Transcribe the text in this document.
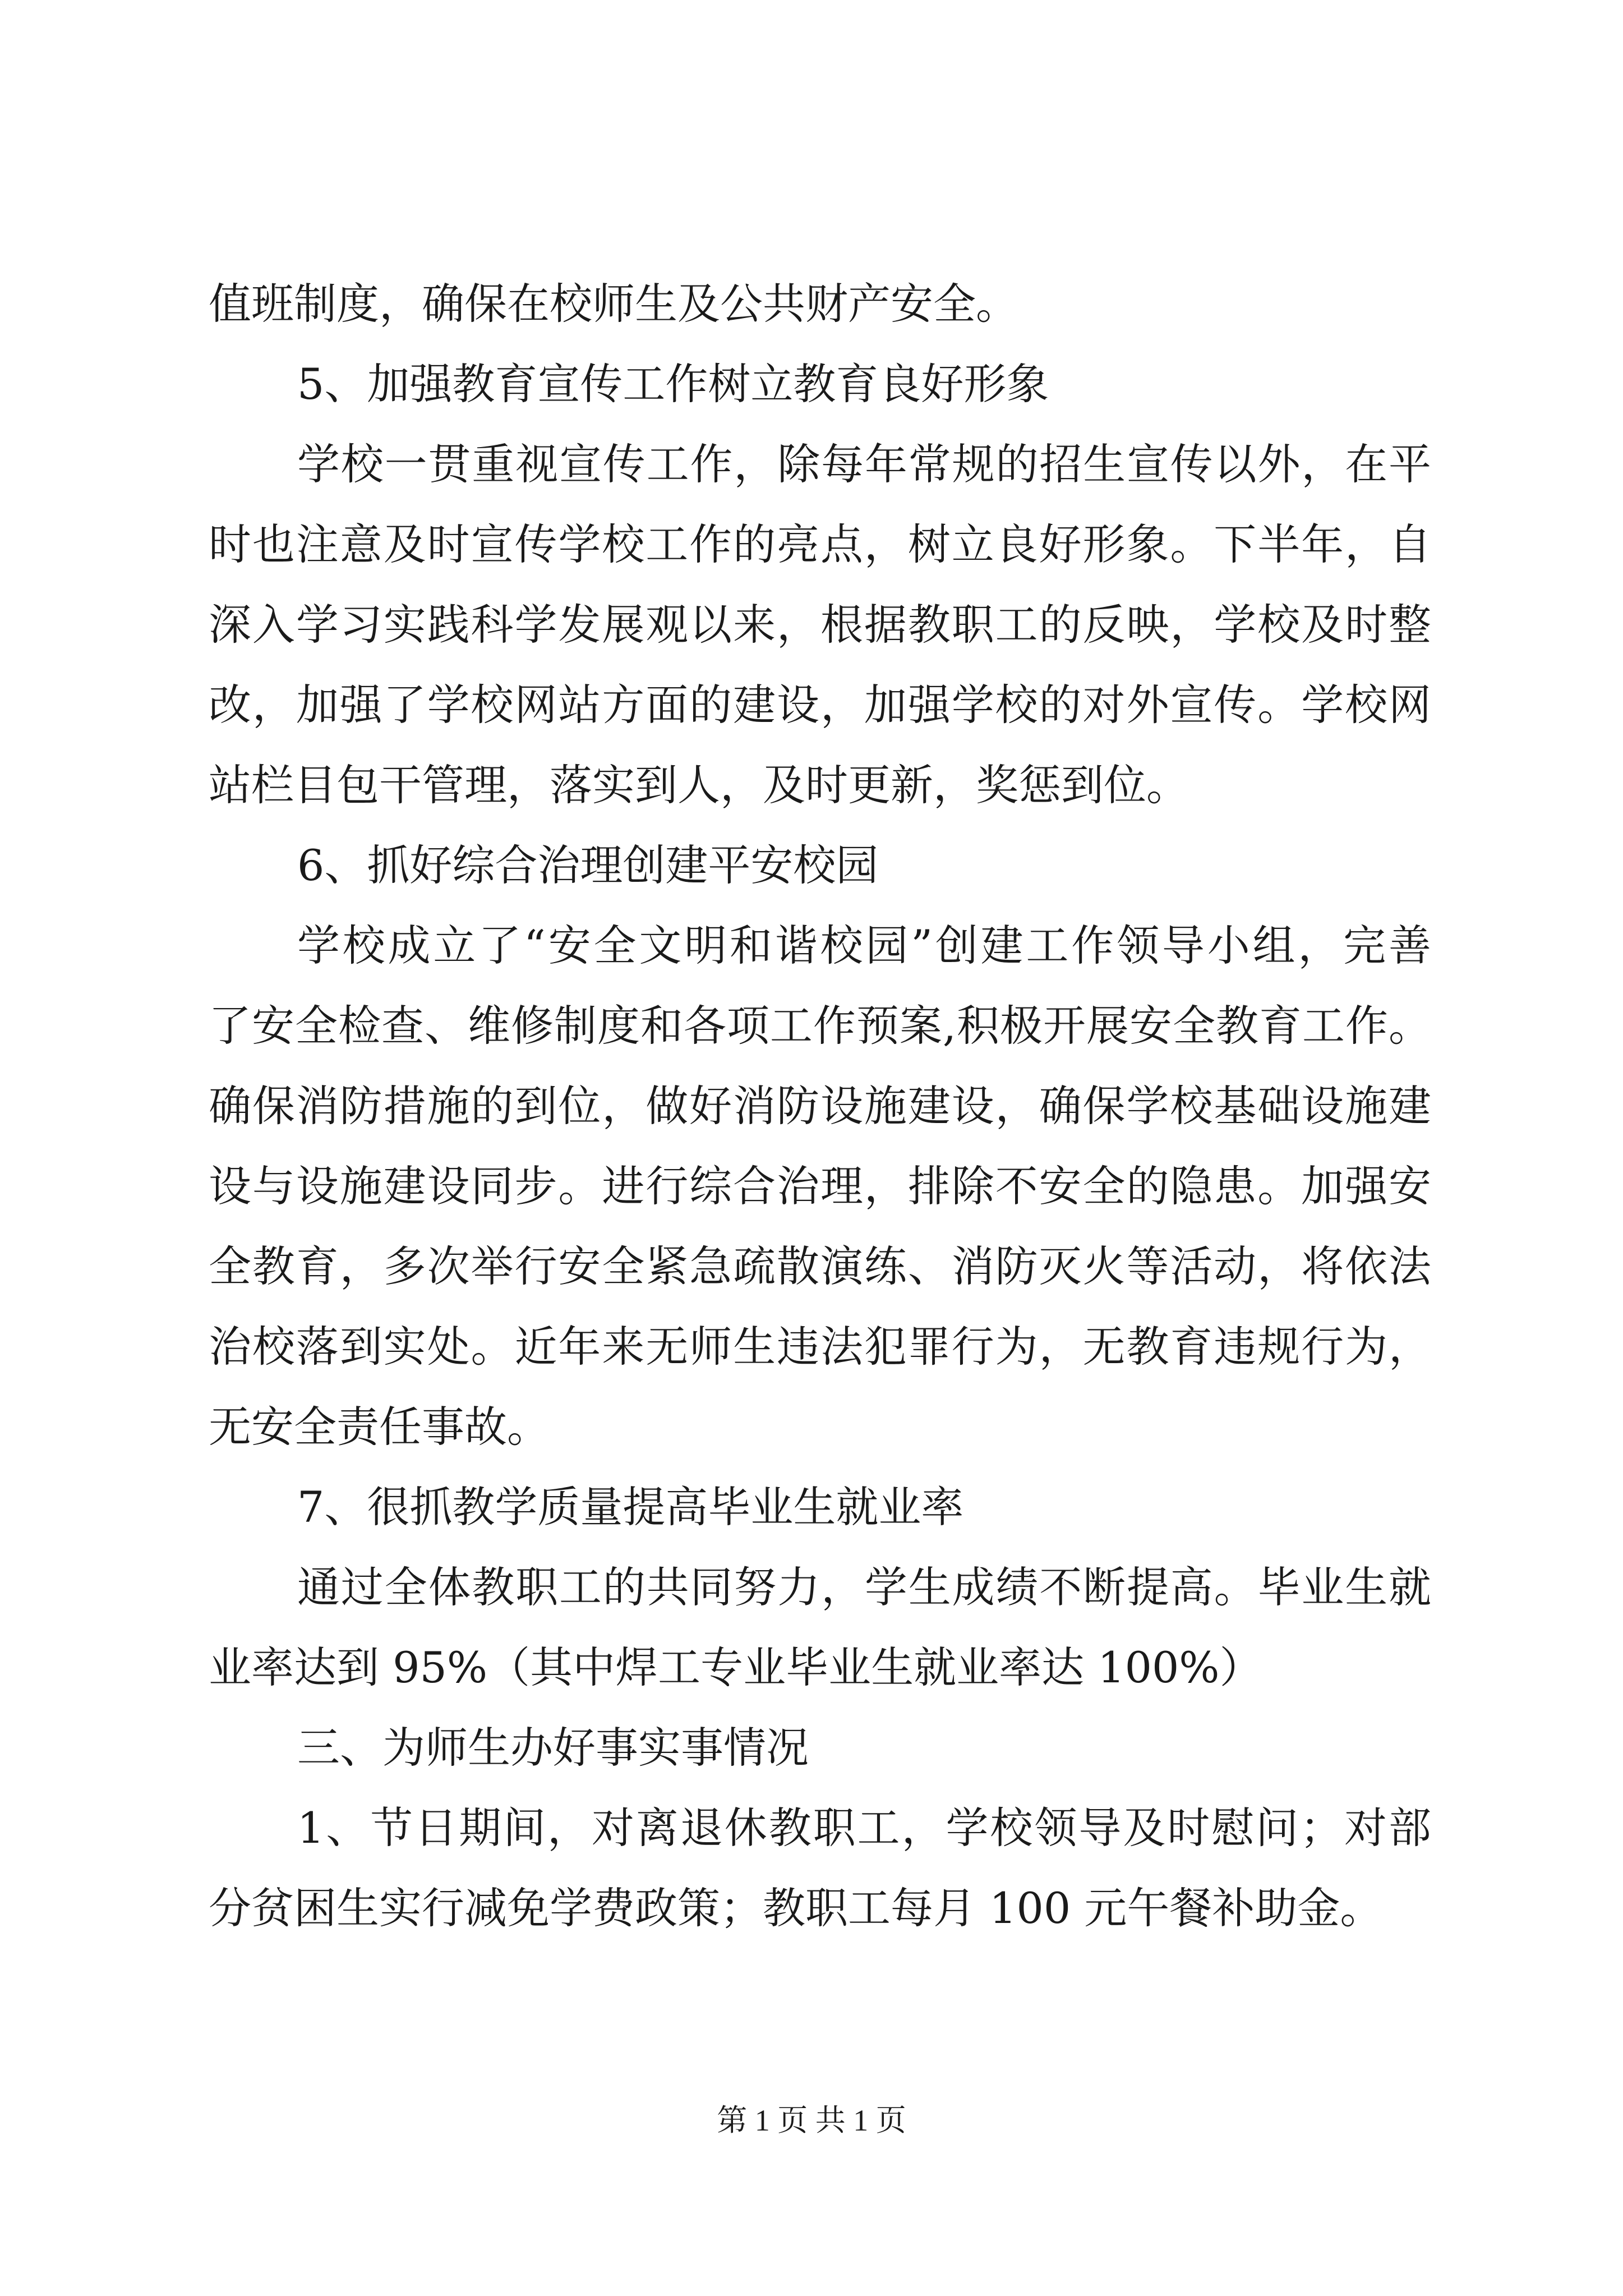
值班制度，确保在校师生及公共财产安全。
5、加强教育宣传工作树立教育良好形象
学校一贯重视宣传工作，除每年常规的招生宣传以外，在平
时也注意及时宣传学校工作的亮点，树立良好形象。下半年，自
深入学习实践科学发展观以来，根据教职工的反映，学校及时整
改，加强了学校网站方面的建设，加强学校的对外宣传。学校网
站栏目包干管理，落实到人，及时更新，奖惩到位。
6、抓好综合治理创建平安校园
学校成立了“安全文明和谐校园”创建工作领导小组，完善
了安全检查、维修制度和各项工作预案,积极开展安全教育工作。
确保消防措施的到位，做好消防设施建设，确保学校基础设施建
设与设施建设同步。进行综合治理，排除不安全的隐患。加强安
全教育，多次举行安全紧急疏散演练、消防灭火等活动，将依法
治校落到实处。近年来无师生违法犯罪行为，无教育违规行为，
无安全责任事故。
7、很抓教学质量提高毕业生就业率
通过全体教职工的共同努力，学生成绩不断提高。毕业生就
业率达到 95%（其中焊工专业毕业生就业率达 100%）
三、为师生办好事实事情况
1、节日期间，对离退休教职工，学校领导及时慰问；对部
分贫困生实行减免学费政策；教职工每月 100 元午餐补助金。
第 1 页 共 1 页
